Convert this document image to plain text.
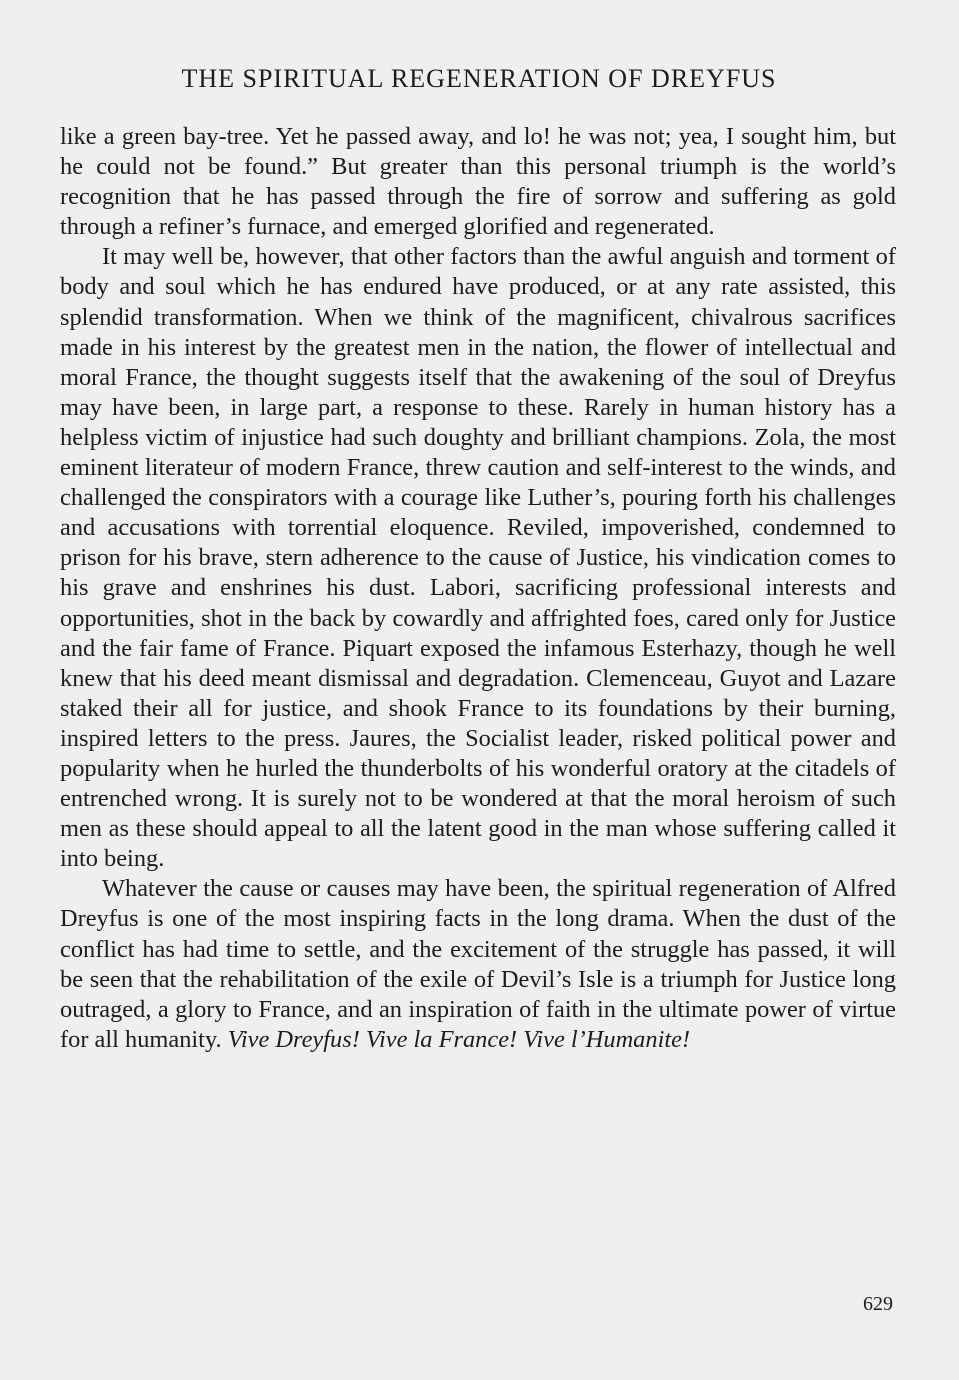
THE SPIRITUAL REGENERATION OF DREYFUS

like a green bay-tree. Yet he passed away, and lo! he was not; yea, I sought him, but he could not be found.” But greater than this personal triumph is the world’s recognition that he has passed through the fire of sorrow and suffering as gold through a refiner’s furnace, and emerged glorified and regenerated.

It may well be, however, that other factors than the awful anguish and torment of body and soul which he has endured have produced, or at any rate assisted, this splendid transformation. When we think of the magnificent, chivalrous sacrifices made in his interest by the greatest men in the nation, the flower of intellectual and moral France, the thought suggests itself that the awakening of the soul of Dreyfus may have been, in large part, a response to these. Rarely in human history has a helpless victim of injustice had such doughty and brilliant champions. Zola, the most eminent literateur of modern France, threw caution and self-interest to the winds, and challenged the conspirators with a courage like Luther’s, pouring forth his challenges and accusations with torrential eloquence. Reviled, impoverished, condemned to prison for his brave, stern adherence to the cause of Justice, his vindication comes to his grave and enshrines his dust. Labori, sacrificing professional interests and opportunities, shot in the back by cowardly and affrighted foes, cared only for Justice and the fair fame of France. Piquart exposed the infamous Esterhazy, though he well knew that his deed meant dismissal and degradation. Clemenceau, Guyot and Lazare staked their all for justice, and shook France to its foundations by their burning, inspired letters to the press. Jaures, the Socialist leader, risked political power and popularity when he hurled the thunderbolts of his wonderful oratory at the citadels of entrenched wrong. It is surely not to be wondered at that the moral heroism of such men as these should appeal to all the latent good in the man whose suffering called it into being.

Whatever the cause or causes may have been, the spiritual regeneration of Alfred Dreyfus is one of the most inspiring facts in the long drama. When the dust of the conflict has had time to settle, and the excitement of the struggle has passed, it will be seen that the rehabilitation of the exile of Devil’s Isle is a triumph for Justice long outraged, a glory to France, and an inspiration of faith in the ultimate power of virtue for all humanity. Vive Dreyfus! Vive la France! Vive l’Humanite!

629
